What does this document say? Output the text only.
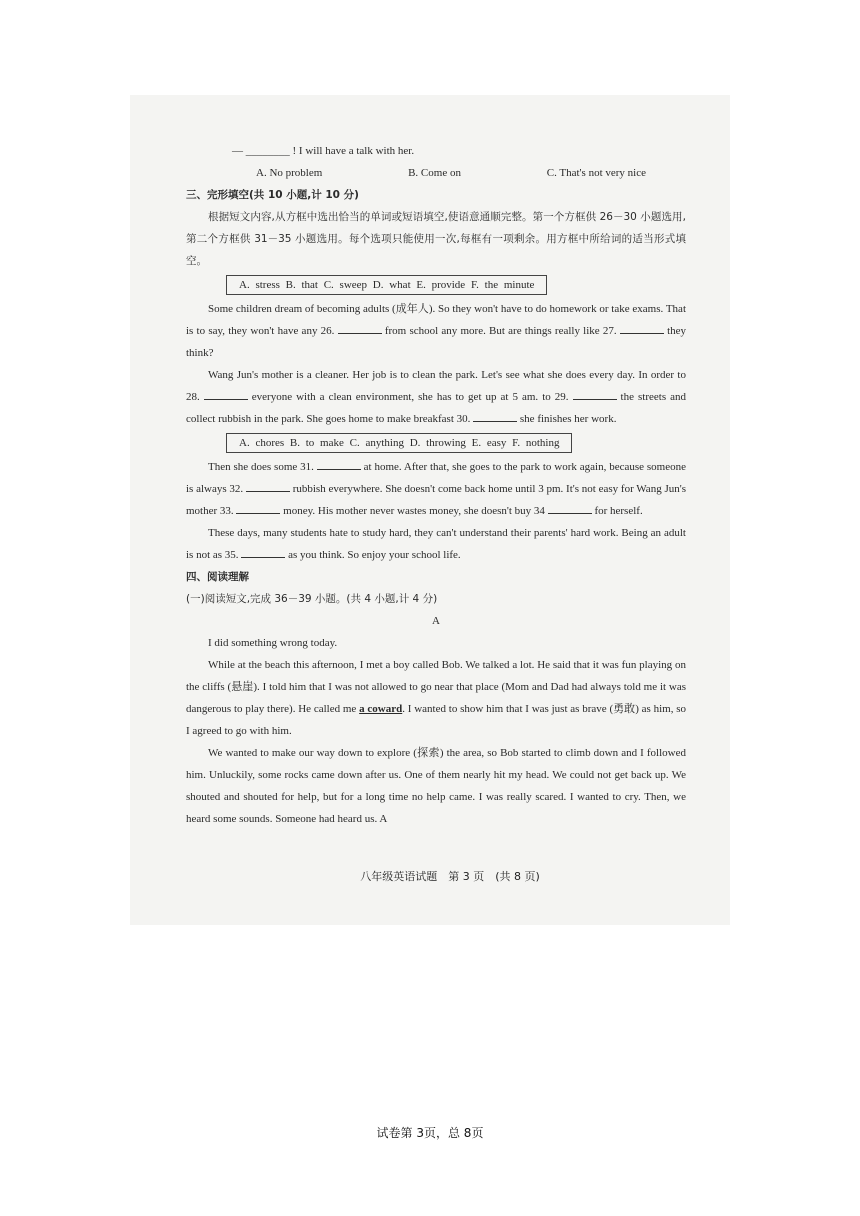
— ________ ! I will have a talk with her.
A. No problem	B. Come on	C. That's not very nice
三、完形填空(共 10 小题,计 10 分)

根据短文内容,从方框中选出恰当的单词或短语填空,使语意通顺完整。第一个方框供 26－30 小题选用,第二个方框供 31－35 小题选用。每个选项只能使用一次,每框有一项剩余。用方框中所给词的适当形式填空。

A. stress B. that C. sweep D. what E. provide F. the minute

Some children dream of becoming adults (成年人). So they won't have to do homework or take exams. That is to say, they won't have any 26.	from school any more. But are things really like 27.	they think?

Wang Jun's mother is a cleaner. Her job is to clean the park. Let's see what she does every day. In order to 28.	everyone with a clean environment, she has to get up at 5 am. to 29.	the streets and collect rubbish in the park. She goes home to make breakfast 30.	she finishes her work.

A. chores B. to make C. anything D. throwing E. easy F. nothing

Then she does some 31.	at home. After that, she goes to the park to work again, because someone is always 32.	rubbish everywhere. She doesn't come back home until 3 pm. It's not easy for Wang Jun's mother 33.	money. His mother never wastes money, she doesn't buy 34	for herself.

These days, many students hate to study hard, they can't understand their parents' hard work. Being an adult is not as 35.	as you think. So enjoy your school life.

四、阅读理解
(一)阅读短文,完成 36－39 小题。(共 4 小题,计 4 分)
A

I did something wrong today.

While at the beach this afternoon, I met a boy called Bob. We talked a lot. He said that it was fun playing on the cliffs (悬崖). I told him that I was not allowed to go near that place (Mom and Dad had always told me it was dangerous to play there). He called me a coward. I wanted to show him that I was just as brave (勇敢) as him, so I agreed to go with him.

We wanted to make our way down to explore (探索) the area, so Bob started to climb down and I followed him. Unluckily, some rocks came down after us. One of them nearly hit my head. We could not get back up. We shouted and shouted for help, but for a long time no help came. I was really scared. I wanted to cry. Then, we heard some sounds. Someone had heard us. A

八年级英语试题　第 3 页　(共 8 页)
试卷第 3页，总 8页
